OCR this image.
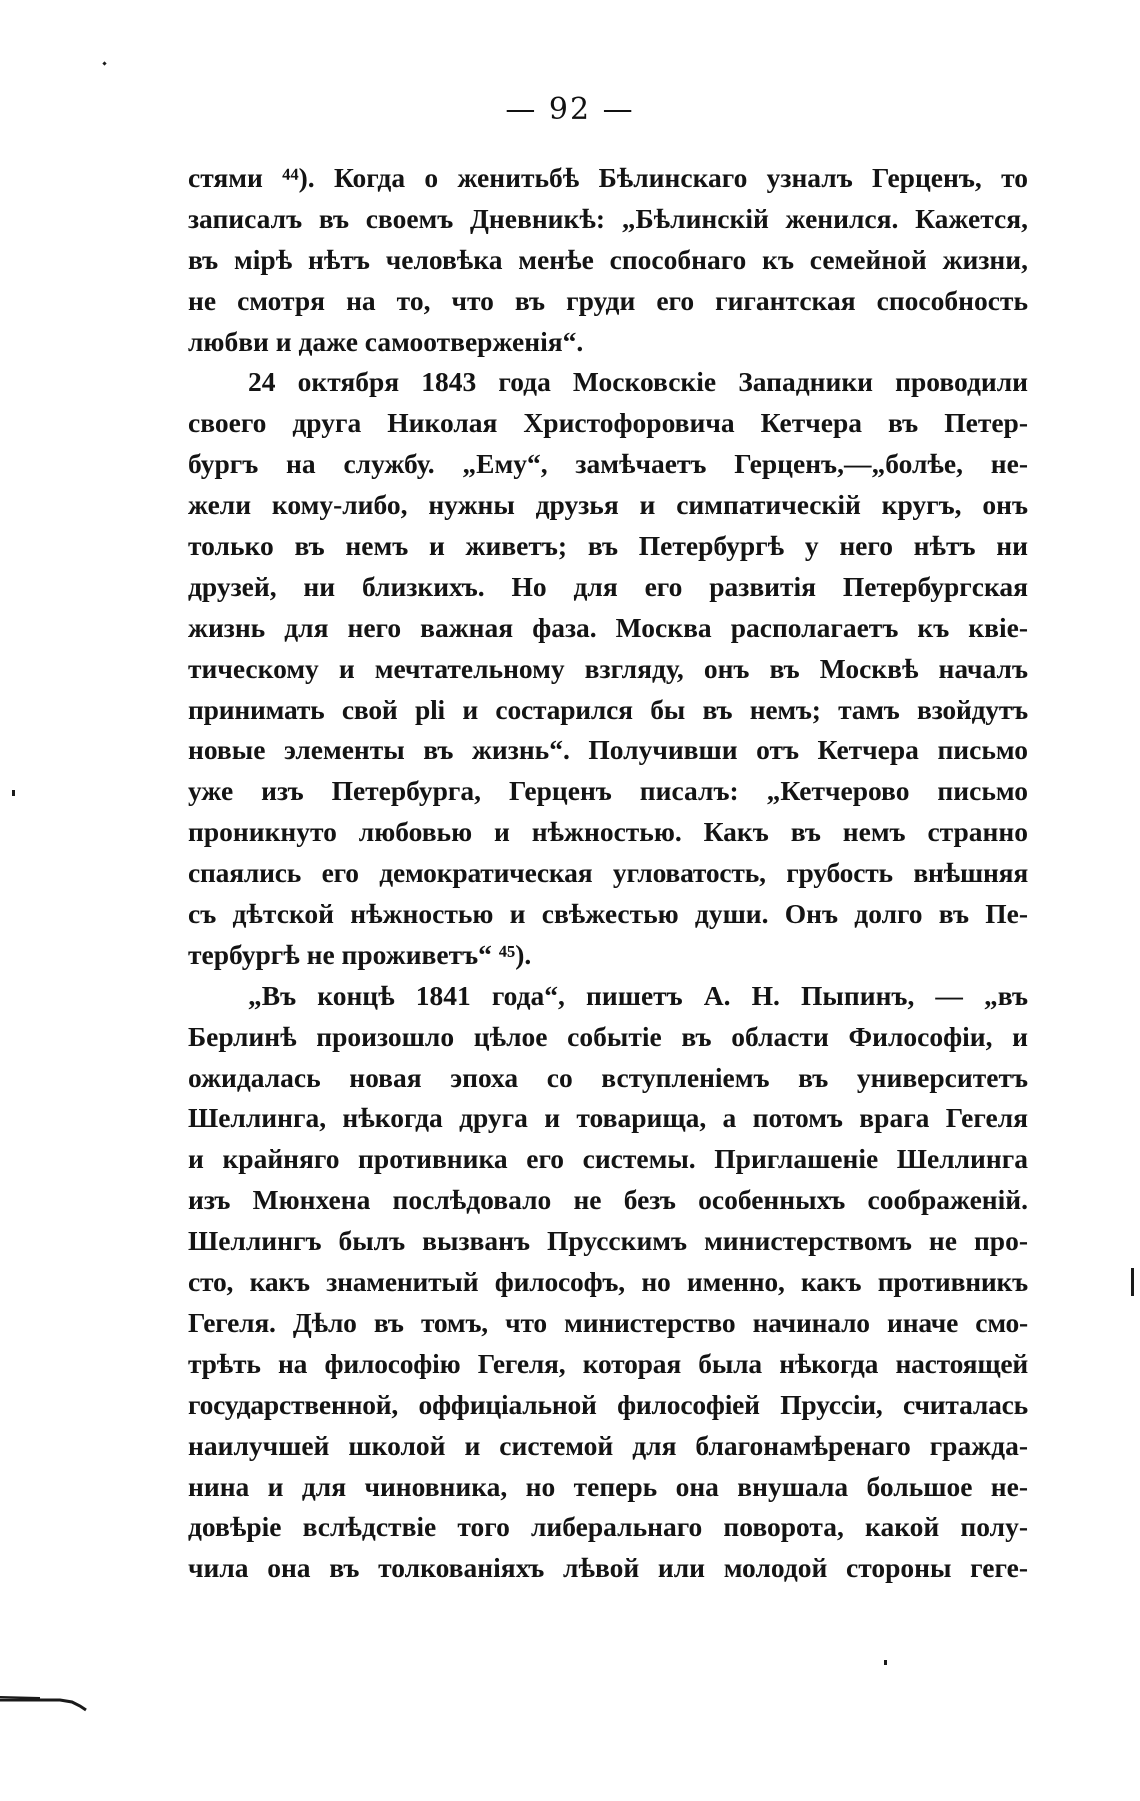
— 92 —
стями ⁴⁴). Когда о женитьбѣ Бѣлинскаго узналъ Герценъ, то
записалъ въ своемъ Дневникѣ: „Бѣлинскій женился. Кажется,
въ мірѣ нѣтъ человѣка менѣе способнаго къ семейной жизни,
не смотря на то, что въ груди его гигантская способность
любви и даже самоотверженія“.
24 октября 1843 года Московскіе Западники проводили
своего друга Николая Христофоровича Кетчера въ Петер-
бургъ на службу. „Ему“, замѣчаетъ Герценъ,—„болѣе, не-
жели кому-либо, нужны друзья и симпатическій кругъ, онъ
только въ немъ и живетъ; въ Петербургѣ у него нѣтъ ни
друзей, ни близкихъ. Но для его развитія Петербургская
жизнь для него важная фаза. Москва располагаетъ къ квіе-
тическому и мечтательному взгляду, онъ въ Москвѣ началъ
принимать свой pli и состарился бы въ немъ; тамъ взойдутъ
новые элементы въ жизнь“. Получивши отъ Кетчера письмо
уже изъ Петербурга, Герценъ писалъ: „Кетчерово письмо
проникнуто любовью и нѣжностью. Какъ въ немъ странно
спаялись его демократическая угловатость, грубость внѣшняя
съ дѣтской нѣжностью и свѣжестью души. Онъ долго въ Пе-
тербургѣ не проживетъ“ ⁴⁵).
„Въ концѣ 1841 года“, пишетъ А. Н. Пыпинъ, — „въ
Берлинѣ произошло цѣлое событіе въ области Философіи, и
ожидалась новая эпоха со вступленіемъ въ университетъ
Шеллинга, нѣкогда друга и товарища, а потомъ врага Гегеля
и крайняго противника его системы. Приглашеніе Шеллинга
изъ Мюнхена послѣдовало не безъ особенныхъ соображеній.
Шеллингъ былъ вызванъ Прусскимъ министерствомъ не про-
сто, какъ знаменитый философъ, но именно, какъ противникъ
Гегеля. Дѣло въ томъ, что министерство начинало иначе смо-
трѣть на философію Гегеля, которая была нѣкогда настоящей
государственной, оффиціальной философіей Пруссіи, считалась
наилучшей школой и системой для благонамѣренаго гражда-
нина и для чиновника, но теперь она внушала большое не-
довѣріе вслѣдствіе того либеральнаго поворота, какой полу-
чила она въ толкованіяхъ лѣвой или молодой стороны геге-
